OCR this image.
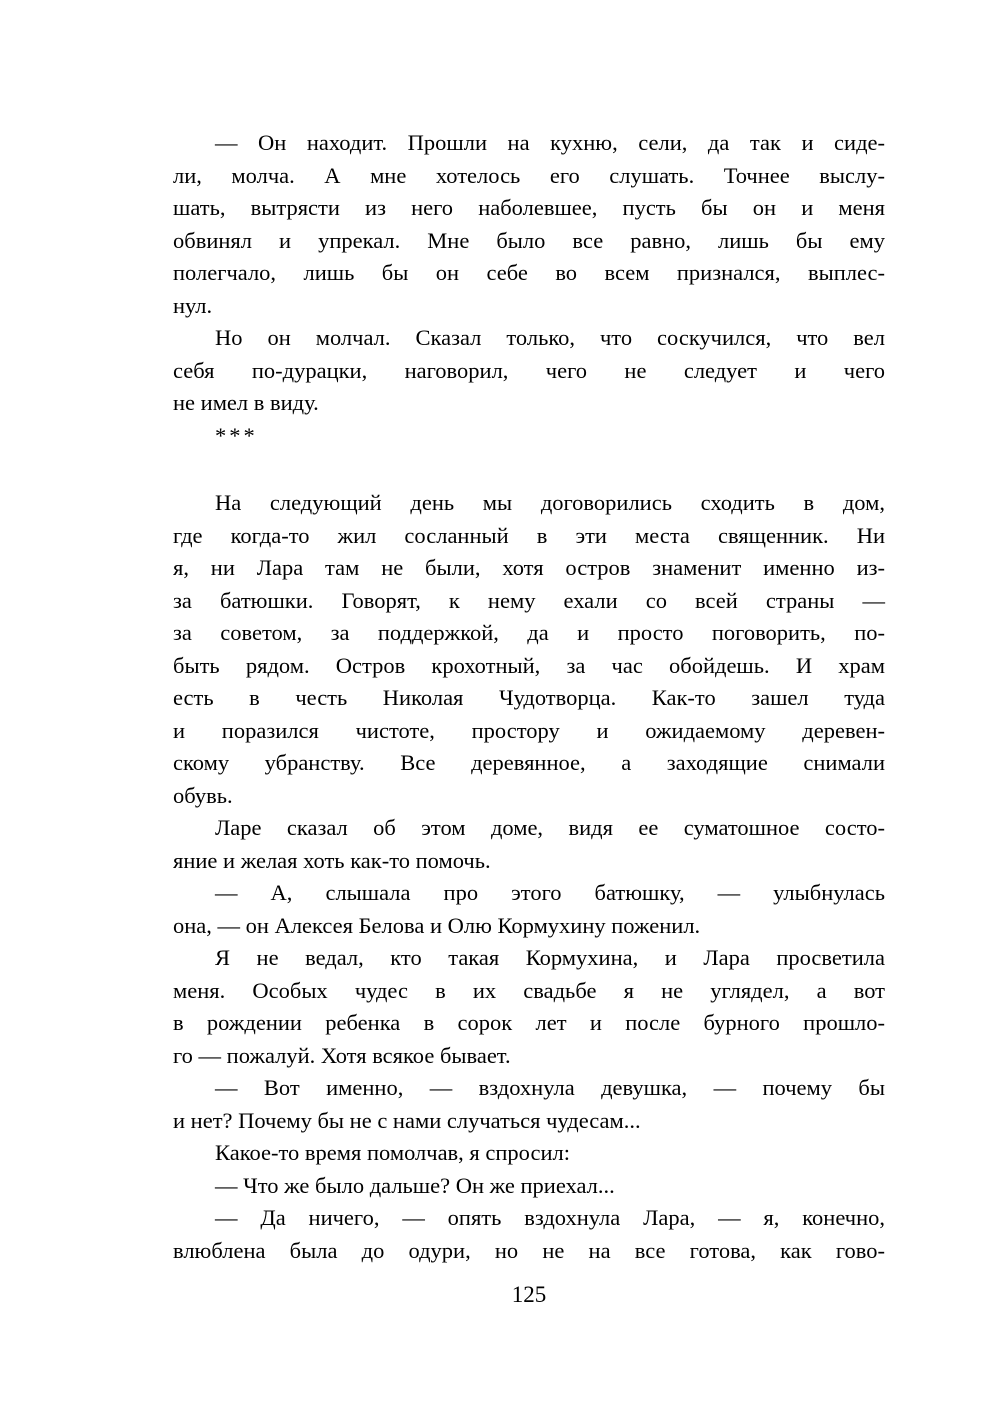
— Он находит. Прошли на кухню, сели, да так и сиде-
ли, молча. А мне хотелось его слушать. Точнее выслу-
шать, вытрясти из него наболевшее, пусть бы он и меня
обвинял и упрекал. Мне было все равно, лишь бы ему
полегчало, лишь бы он себе во всем признался, выплес-
нул.
Но он молчал. Сказал только, что соскучился, что вел
себя по-дурацки, наговорил, чего не следует и чего
не имел в виду.
***
На следующий день мы договорились сходить в дом,
где когда-то жил сосланный в эти места священник. Ни
я, ни Лара там не были, хотя остров знаменит именно из-
за батюшки. Говорят, к нему ехали со всей страны —
за советом, за поддержкой, да и просто поговорить, по-
быть рядом. Остров крохотный, за час обойдешь. И храм
есть в честь Николая Чудотворца. Как-то зашел туда
и поразился чистоте, простору и ожидаемому деревен-
скому убранству. Все деревянное, а заходящие снимали
обувь.
Ларе сказал об этом доме, видя ее суматошное состо-
яние и желая хоть как-то помочь.
— А, слышала про этого батюшку, — улыбнулась
она, — он Алексея Белова и Олю Кормухину поженил.
Я не ведал, кто такая Кормухина, и Лара просветила
меня. Особых чудес в их свадьбе я не углядел, а вот
в рождении ребенка в сорок лет и после бурного прошло-
го — пожалуй. Хотя всякое бывает.
— Вот именно, — вздохнула девушка, — почему бы
и нет? Почему бы не с нами случаться чудесам...
Какое-то время помолчав, я спросил:
— Что же было дальше? Он же приехал...
— Да ничего, — опять вздохнула Лара, — я, конечно,
влюблена была до одури, но не на все готова, как гово-
125
